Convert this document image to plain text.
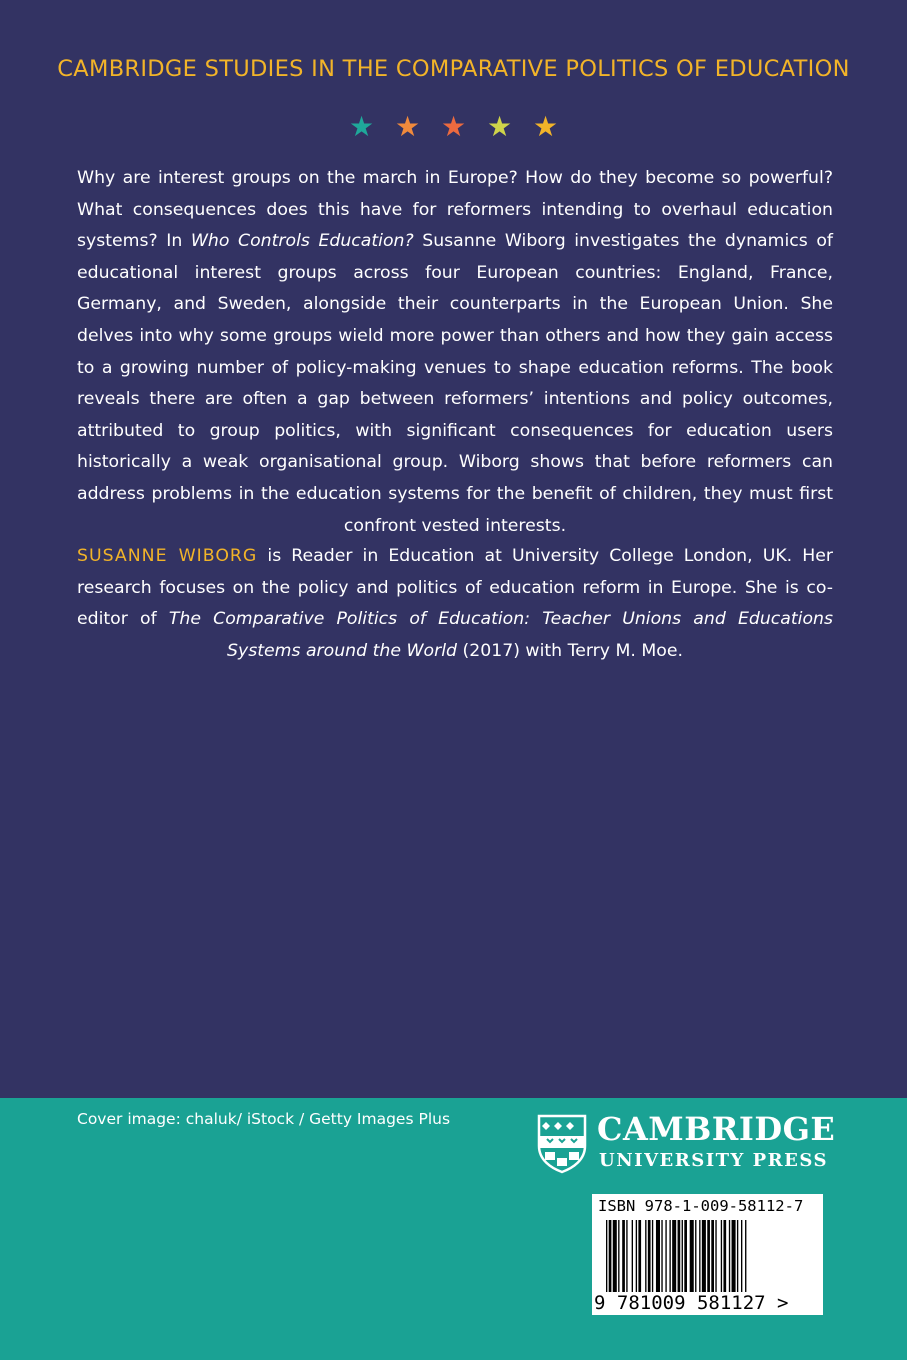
CAMBRIDGE STUDIES IN THE COMPARATIVE POLITICS OF EDUCATION
★ ★ ★ ★ ★

Why are interest groups on the march in Europe? How do they become so powerful? What consequences does this have for reformers intending to overhaul education systems? In Who Controls Education? Susanne Wiborg investigates the dynamics of educational interest groups across four European countries: England, France, Germany, and Sweden, alongside their counterparts in the European Union. She delves into why some groups wield more power than others and how they gain access to a growing number of policy-making venues to shape education reforms. The book reveals there are often a gap between reformers’ intentions and policy outcomes, attributed to group politics, with significant consequences for education users historically a weak organisational group. Wiborg shows that before reformers can address problems in the education systems for the benefit of children, they must first confront vested interests.

SUSANNE WIBORG is Reader in Education at University College London, UK. Her research focuses on the policy and politics of education reform in Europe. She is co-editor of The Comparative Politics of Education: Teacher Unions and Educations Systems around the World (2017) with Terry M. Moe.

Cover image: chaluk/ iStock / Getty Images Plus	CAMBRIDGE
UNIVERSITY PRESS
ISBN 978-1-009-58112-7
9 781009 581127 >
